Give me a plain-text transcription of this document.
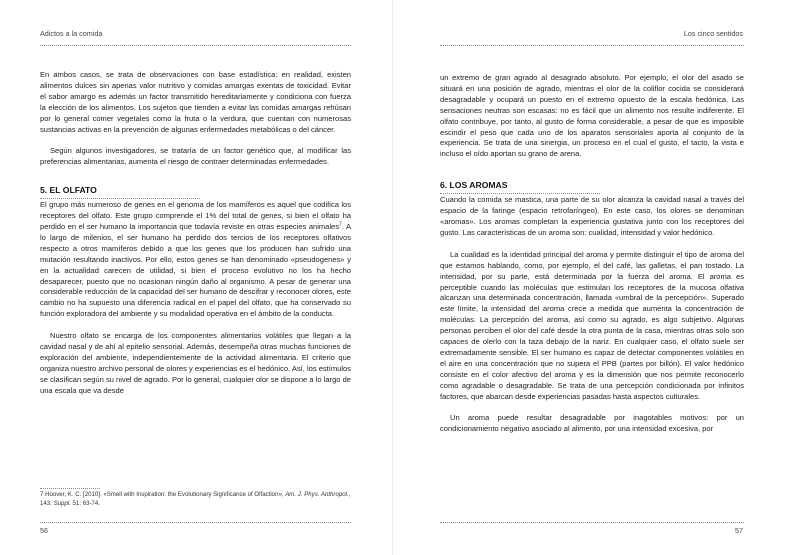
Adictos a la comida

En ambos casos, se trata de observaciones con base estadística: en realidad, existen alimentos dulces sin apenas valor nutritivo y comidas amargas exentas de toxicidad. Evitar el sabor amargo es además un factor transmitido hereditariamente y condiciona con fuerza la elección de los alimentos. Los sujetos que tienden a evitar las comidas amargas rehúsan por lo general comer vegetales como la fruta o la verdura, que cuentan con numerosas sustancias activas en la prevención de algunas enfermedades metabólicas o del cáncer.

Según algunos investigadores, se trataría de un factor genético que, al modificar las preferencias alimentarias, aumenta el riesgo de contraer determinadas enfermedades.

5. EL OLFATO

El grupo más numeroso de genes en el genoma de los mamíferos es aquel que codifica los receptores del olfato. Este grupo comprende el 1% del total de genes, si bien el olfato ha perdido en el ser humano la importancia que todavía reviste en otras especies animales$^7$. A lo largo de milenios, el ser humano ha perdido dos tercios de los receptores olfativos respecto a otros mamíferos debido a que los genes que los producen han sufrido una mutación resultando inactivos. Por ello, estos genes se han denominado «pseudogenes» y en la actualidad carecen de utilidad, si bien el proceso evolutivo no los ha hecho desaparecer, puesto que no ocasionan ningún daño al organismo. A pesar de generar una considerable reducción de la capacidad del ser humano de descifrar y reconocer olores, este cambio no ha supuesto una diferencia radical en el papel del olfato, que ha conservado su función exploradora del ambiente y su modalidad operativa en el ámbito de la conducta.

Nuestro olfato se encarga de los componentes alimentarios volátiles que llegan a la cavidad nasal y de ahí al epitelio sensorial. Además, desempeña otras muchas funciones de exploración del ambiente, independientemente de la actividad alimentaria. El criterio que organiza nuestro archivo personal de olores y experiencias es el hedónico. Así, los estímulos se clasifican según su nivel de agrado. Por lo general, cualquier olor se dispone a lo largo de una escala que va desde

7 Hoover, K. C. [2010]. «Smell with Inspiration: the Evolutionary Significance of Olfaction», Am. J. Phys. Anthropol., 143, Suppl. 51: 63-74.
56
Los cinco sentidos

un extremo de gran agrado al desagrado absoluto. Por ejemplo, el olor del asado se situará en una posición de agrado, mientras el olor de la coliflor cocida se considerará desagradable y ocupará un puesto en el extremo opuesto de la escala hedónica. Las sensaciones neutras son escasas: no es fácil que un alimento nos resulte indiferente. El olfato contribuye, por tanto, al gusto de forma considerable, a pesar de que es imposible escindir el peso que cada uno de los aparatos sensoriales aporta al conjunto de la experiencia. Se trata de una sinergia, un proceso en el cual el gusto, el tacto, la vista e incluso el oído aportan su grano de arena.

6. LOS AROMAS

Cuando la comida se mastica, una parte de su olor alcanza la cavidad nasal a través del espacio de la faringe (espacio retrofaríngeo). En este caso, los olores se denominan «aromas». Los aromas completan la experiencia gustativa junto con los receptores del gusto. Las características de un aroma son: cualidad, intensidad y valor hedónico.

La cualidad es la identidad principal del aroma y permite distinguir el tipo de aroma del que estamos hablando, como, por ejemplo, el del café, las galletas, el pan tostado. La intensidad, por su parte, está determinada por la fuerza del aroma. El aroma es perceptible cuando las moléculas que estimulan los receptores de la mucosa olfativa alcanzan una determinada concentración, llamada «umbral de la percepción». Superado este límite, la intensidad del aroma crece a medida que aumenta la concentración de moléculas. La percepción del aroma, así como su agrado, es algo subjetivo. Algunas personas perciben el olor del café desde la otra punta de la casa, mientras otras solo son capaces de olerlo con la taza debajo de la nariz. En cualquier caso, el olfato suele ser extremadamente sensible. El ser humano es capaz de detectar componentes volátiles en el aire en una concentración que no supera el PPB (partes por billón). El valor hedónico consiste en el color afectivo del aroma y es la dimensión que nos permite reconocerlo como agradable o desagradable. Se trata de una percepción condicionada por infinitos factores, que abarcan desde experiencias pasadas hasta aspectos culturales.

Un aroma puede resultar desagradable por inagotables motivos: por un condicionamiento negativo asociado al alimento, por una intensidad excesiva, por

57
